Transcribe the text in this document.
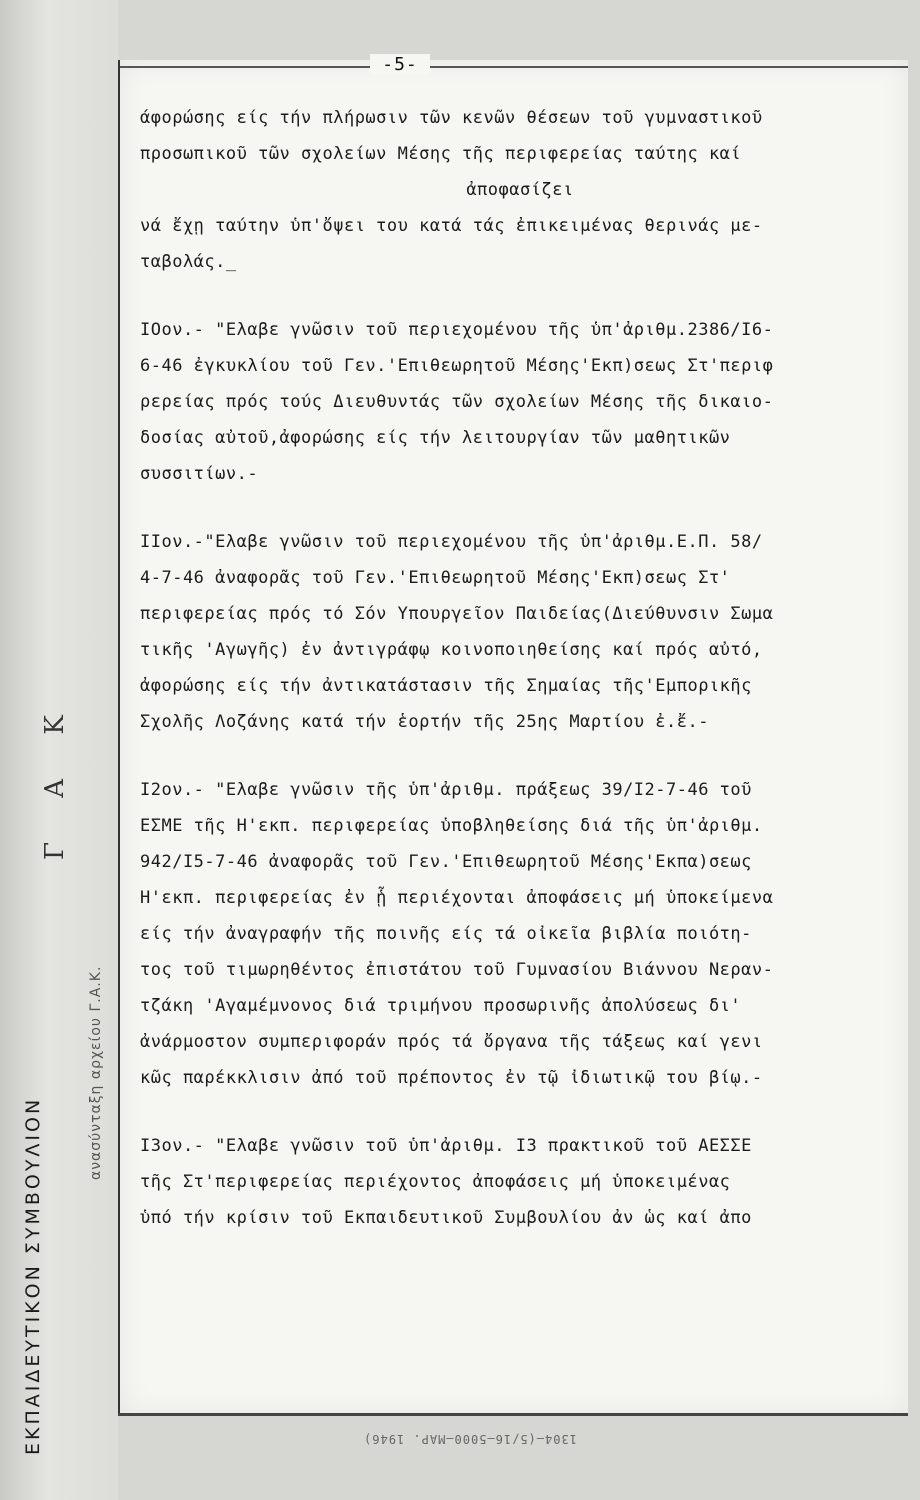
ΕΚΠΑΙΔΕΥΤΙΚΟΝ ΣΥΜΒΟΥΛΙΟΝ
ανασύνταξη αρχείου Γ.Α.Κ.
Γ Α Κ
-5-
άφορώσης είς τήν πλήρωσιν τῶν κενῶν θέσεων τοῦ γυμναστικοῦ
προσωπικοῦ τῶν σχολείων Μέσης τῆς περιφερείας ταύτης καί
ἀποφασίζει
νά ἔχῃ ταύτην ὑπ'ὄψει του κατά τάς ἐπικειμένας θερινάς με-
ταβολάς._
IOον.- "Ελαβε γνῶσιν τοῦ περιεχομένου τῆς ὑπ'ἀριθμ.2386/I6-
6-46 ἐγκυκλίου τοῦ Γεν.'Επιθεωρητοῦ Μέσης'Εκπ)σεως Στ'περιφ
ρερείας πρός τούς Διευθυντάς τῶν σχολείων Μέσης τῆς δικαιο-
δοσίας αὐτοῦ,ἀφορώσης είς τήν λειτουργίαν τῶν μαθητικῶν
συσσιτίων.-
IIον.-"Ελαβε γνῶσιν τοῦ περιεχομένου τῆς ὑπ'ἀριθμ.Ε.Π. 58/
4-7-46 ἀναφορᾶς τοῦ Γεν.'Επιθεωρητοῦ Μέσης'Εκπ)σεως Στ'
περιφερείας πρός τό Σόν Υπουργεῖον Παιδείας(Διεύθυνσιν Σωμα
τικῆς 'Αγωγῆς) ἐν ἀντιγράφῳ κοινοποιηθείσης καί πρός αὐτό,
ἀφορώσης είς τήν ἀντικατάστασιν τῆς Σημαίας τῆς'Εμπορικῆς
Σχολῆς Λοζάνης κατά τήν ἑορτήν τῆς 25ης Μαρτίου ἐ.ἔ.-
I2ον.- "Ελαβε γνῶσιν τῆς ὑπ'ἀριθμ. πράξεως 39/I2-7-46 τοῦ
ΕΣΜΕ τῆς Η'εκπ. περιφερείας ὑποβληθείσης διά τῆς ὑπ'ἀριθμ.
942/I5-7-46 ἀναφορᾶς τοῦ Γεν.'Επιθεωρητοῦ Μέσης'Εκπα)σεως
Η'εκπ. περιφερείας ἐν ᾗ περιέχονται ἀποφάσεις μή ὑποκείμενα
είς τήν ἀναγραφήν τῆς ποινῆς είς τά οἰκεῖα βιβλία ποιότη-
τος τοῦ τιμωρηθέντος ἐπιστάτου τοῦ Γυμνασίου Βιάννου Νεραν-
τζάκη 'Αγαμέμνονος διά τριμήνου προσωρινῆς ἀπολύσεως δι'
ἀνάρμοστον συμπεριφοράν πρός τά ὄργανα τῆς τάξεως καί γενι
κῶς παρέκκλισιν ἀπό τοῦ πρέποντος ἐν τῷ ἰδιωτικῷ του βίῳ.-
I3ον.- "Ελαβε γνῶσιν τοῦ ὑπ'ἀριθμ. I3 πρακτικοῦ τοῦ ΑΕΣΣΕ
τῆς Στ'περιφερείας περιέχοντος ἀποφάσεις μή ὑποκειμένας
ὑπό τήν κρίσιν τοῦ Εκπαιδευτικοῦ Συμβουλίου ἀν ὡς καί ἀπο
1304—(5/16—5000—ΜΑΡ. 1946)
